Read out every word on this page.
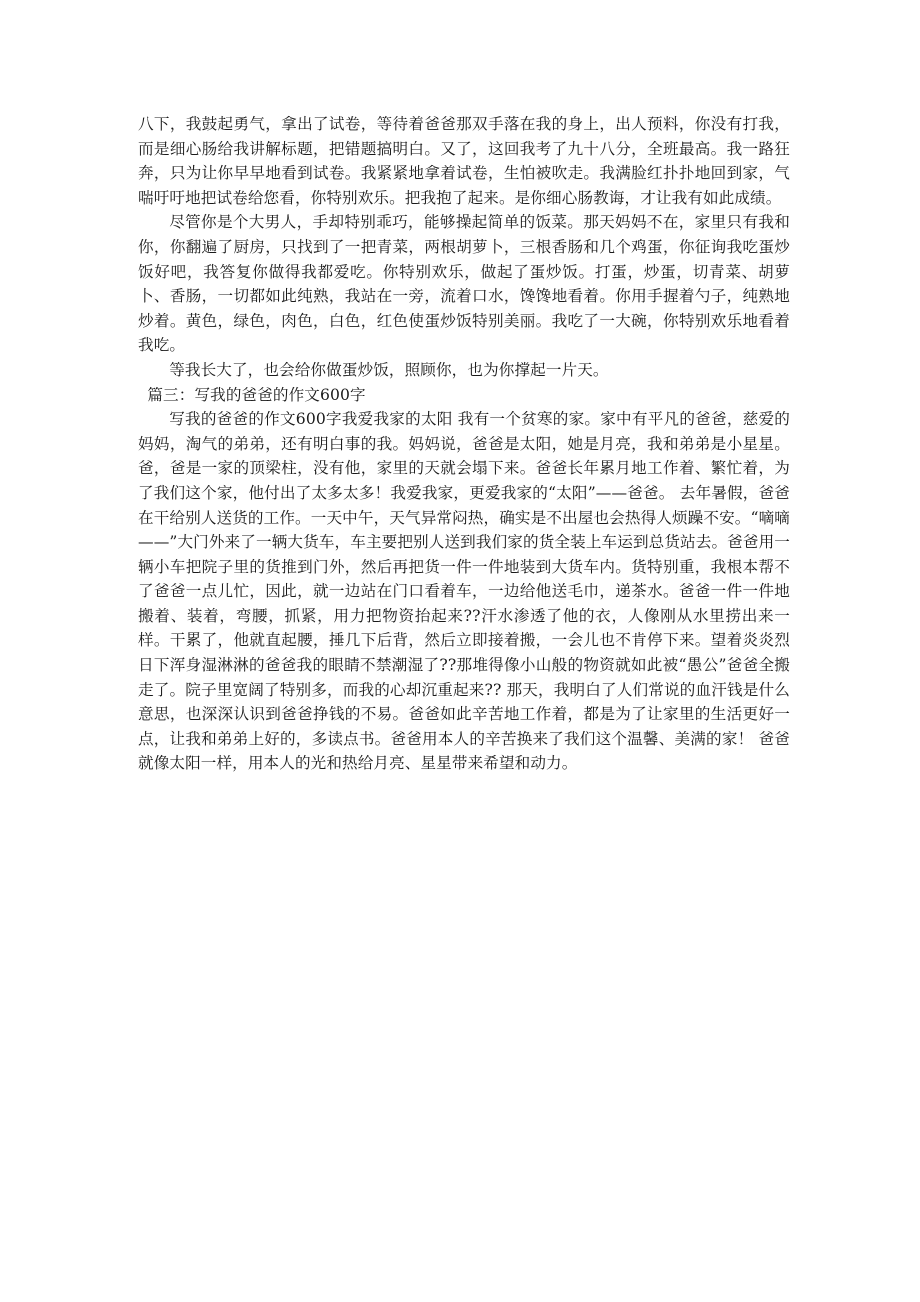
八下，我鼓起勇气，拿出了试卷，等待着爸爸那双手落在我的身上，出人预料，你没有打我，而是细心肠给我讲解标题，把错题搞明白。又了，这回我考了九十八分，全班最高。我一路狂奔，只为让你早早地看到试卷。我紧紧地拿着试卷，生怕被吹走。我满脸红扑扑地回到家，气喘吁吁地把试卷给您看，你特别欢乐。把我抱了起来。是你细心肠教诲，才让我有如此成绩。

尽管你是个大男人，手却特别乖巧，能够操起简单的饭菜。那天妈妈不在，家里只有我和你，你翻遍了厨房，只找到了一把青菜，两根胡萝卜，三根香肠和几个鸡蛋，你征询我吃蛋炒饭好吧，我答复你做得我都爱吃。你特别欢乐，做起了蛋炒饭。打蛋，炒蛋，切青菜、胡萝卜、香肠，一切都如此纯熟，我站在一旁，流着口水，馋馋地看着。你用手握着勺子，纯熟地炒着。黄色，绿色，肉色，白色，红色使蛋炒饭特别美丽。我吃了一大碗，你特别欢乐地看着我吃。

等我长大了，也会给你做蛋炒饭，照顾你，也为你撑起一片天。

篇三：写我的爸爸的作文600字

写我的爸爸的作文600字我爱我家的太阳 我有一个贫寒的家。家中有平凡的爸爸，慈爱的妈妈，淘气的弟弟，还有明白事的我。妈妈说，爸爸是太阳，她是月亮，我和弟弟是小星星。爸，爸是一家的顶梁柱，没有他，家里的天就会塌下来。爸爸长年累月地工作着、繁忙着，为了我们这个家，他付出了太多太多！我爱我家，更爱我家的“太阳”——爸爸。 去年暑假，爸爸在干给别人送货的工作。一天中午，天气异常闷热，确实是不出屋也会热得人烦躁不安。“嘀嘀——”大门外来了一辆大货车，车主要把别人送到我们家的货全装上车运到总货站去。爸爸用一辆小车把院子里的货推到门外，然后再把货一件一件地装到大货车内。货特别重，我根本帮不了爸爸一点儿忙，因此，就一边站在门口看着车，一边给他送毛巾，递茶水。爸爸一件一件地搬着、装着，弯腰，抓紧，用力把物资抬起来??汗水渗透了他的衣，人像刚从水里捞出来一样。干累了，他就直起腰，捶几下后背，然后立即接着搬，一会儿也不肯停下来。望着炎炎烈日下浑身湿淋淋的爸爸我的眼睛不禁潮湿了??那堆得像小山般的物资就如此被“愚公”爸爸全搬走了。院子里宽阔了特别多，而我的心却沉重起来?? 那天，我明白了人们常说的血汗钱是什么意思，也深深认识到爸爸挣钱的不易。爸爸如此辛苦地工作着，都是为了让家里的生活更好一点，让我和弟弟上好的，多读点书。爸爸用本人的辛苦换来了我们这个温馨、美满的家！ 爸爸就像太阳一样，用本人的光和热给月亮、星星带来希望和动力。
